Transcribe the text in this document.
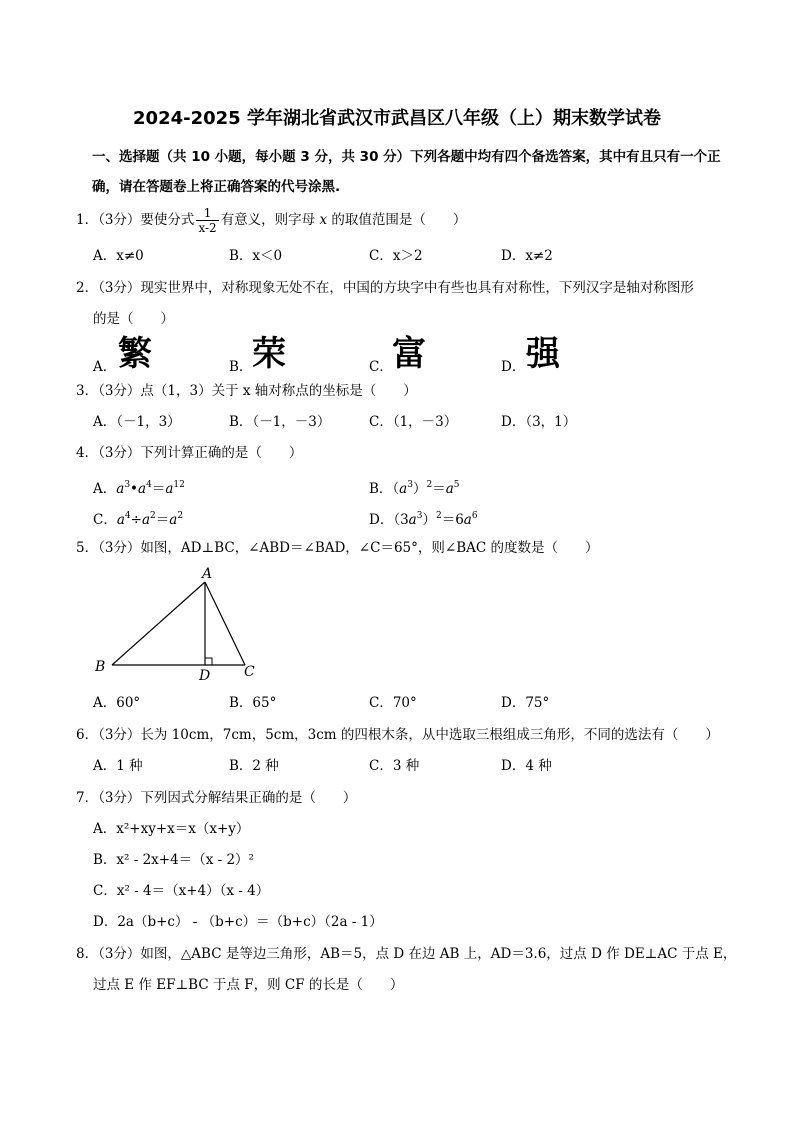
2024-2025 学年湖北省武汉市武昌区八年级（上）期末数学试卷
一、选择题（共 10 小题，每小题 3 分，共 30 分）下列各题中均有四个备选答案，其中有且只有一个正确，请在答题卷上将正确答案的代号涂黑.
1．（3分）要使分式 $\frac{1}{x-2}$ 有意义，则字母 x 的取值范围是（　　）
A．x≠0	B．x＜0	C．x＞2	D．x≠2
2．（3分）现实世界中，对称现象无处不在，中国的方块字中有些也具有对称性，下列汉字是轴对称图形
的是（　　）
A． 繁	B． 荣	C． 富	D． 强
3．（3分）点（1，3）关于 x 轴对称点的坐标是（　　）
A．（－1，3）	B．（－1，－3）	C．（1，－3）	D．（3，1）
4．（3分）下列计算正确的是（　　）
A．$a^3•a^4=a^{12}$	B．$(a^3)^2=a^5$
C．$a^4\div a^2=a^2$	D．$(3a^3)^2=6a^6$
5．（3分）如图，AD⊥BC，∠ABD＝∠BAD，∠C＝65°，则∠BAC 的度数是（　　）
A
B	C
D
A．60°	B．65°	C．70°	D．75°
6．（3分）长为 10cm，7cm，5cm，3cm 的四根木条，从中选取三根组成三角形，不同的选法有（　　）
A．1 种	B．2 种	C．3 种	D．4 种
7．（3分）下列因式分解结果正确的是（　　）
A．x²+xy+x＝x（x+y）
B．x² - 2x+4＝（x - 2）²
C．x² - 4＝（x+4）（x - 4）
D．2a（b+c） - （b+c）＝（b+c）（2a - 1）
8．（3分）如图，△ABC 是等边三角形，AB＝5，点 D 在边 AB 上，AD＝3.6，过点 D 作 DE⊥AC 于点 E，
过点 E 作 EF⊥BC 于点 F，则 CF 的长是（　　）
